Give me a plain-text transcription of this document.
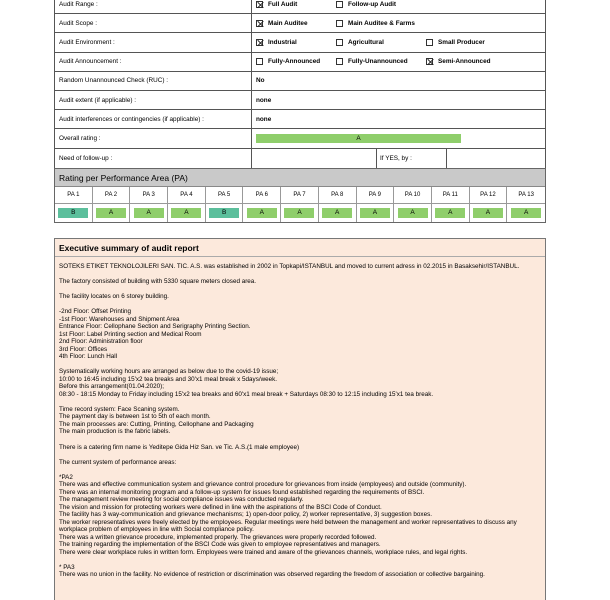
Audit Range :	Full Audit Follow-up Audit	

Audit Scope :	Main Auditee Main Auditee & Farms	

Audit Environment :	Industrial Agricultural Small Producer	

Audit Announcement :	Fully-Announced Fully-Unannounced Semi-Announced	

Random Unannounced Check (RUC) :	No	
Audit extent (if applicable) :	none	
Audit interferences or contingencies (if applicable) :	none	
Overall rating :	A	

Need of follow-up :		If YES, by :
Rating per Performance Area (PA)
PA 1	PA 2	PA 3	PA 4	PA 5	PA 6	PA 7	PA 8	PA 9	PA 10	PA 11	PA 12	PA 13
B	A	A	A	B	A	A	A	A	A	A	A	A
Executive summary of audit report

SOTEKS ETIKET TEKNOLOJILERI SAN. TIC. A.S. was established in 2002 in Topkapi/ISTANBUL and moved to current adress in 02.2015 in Basaksehir/ISTANBUL.

The factory consisted of building with 5330 square meters closed area.

The facility locates on 6 storey building.

-2nd Floor: Offset Printing
-1st Floor: Warehouses and Shipment Area
Entrance Floor: Cellophane Section and Serigraphy Printing Section.
1st Floor: Label Printing section and Medical Room
2nd Floor: Administration floor
3rd Floor: Offices
4th Floor: Lunch Hall

Systematically working hours are arranged as below due to the covid-19 issue;
10:00 to 16:45 including 15'x2 tea breaks and 30'x1 meal break x 5days/week.
Before this arrangement(01.04.2020);
08:30 - 18:15 Monday to Friday including 15'x2 tea breaks and 60'x1 meal break + Saturdays 08:30 to 12:15 including 15'x1 tea break.

Time record system: Face Scaning system.
The payment day is between 1st to 5th of each month.
The main processes are: Cutting, Printing, Cellophane and Packaging
The main production is the fabric labels.

There is a catering firm name is Yeditepe Gida Hiz San. ve Tic. A.S.(1 male employee)

The current system of performance areas:

*PA2
There was and effective communication system and grievance control procedure for grievances from inside (employees) and outside (community).
There was an internal monitoring program and a follow-up system for issues found established regarding the requirements of BSCI.
The management review meeting for social compliance issues was conducted regularly.
The vision and mission for protecting workers were defined in line with the aspirations of the BSCI Code of Conduct.
The facility has 3 way-communication and grievance mechanisms; 1) open-door policy, 2) worker representative, 3) suggestion boxes.
The worker representatives were freely elected by the employees. Regular meetings were held between the management and worker representatives to discuss any workplace problem of employees in line with Social compliance policy.
There was a written grievance procedure, implemented properly. The grievances were properly recorded followed.
The training regarding the implementation of the BSCI Code was given to employee representatives and managers.
There were clear workplace rules in written form. Employees were trained and aware of the grievances channels, workplace rules, and legal rights.

* PA3
There was no union in the facility. No evidence of restriction or discrimination was observed regarding the freedom of association or collective bargaining.
